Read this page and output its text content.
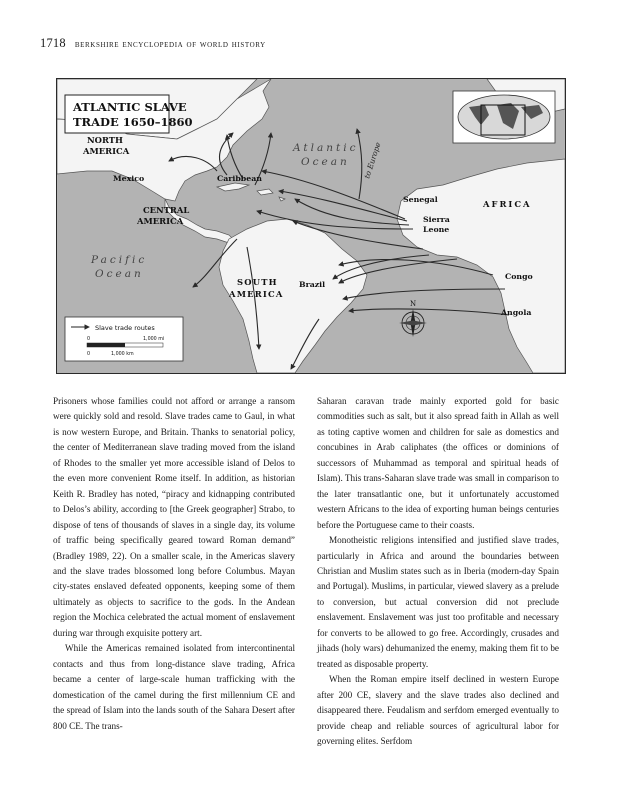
1718 berkshire encyclopedia of world history
ATLANTIC SLAVE
TRADE 1650–1860
Atlantic
Ocean
Pacific
Ocean
NORTH
AMERICA
CENTRAL
AMERICA
SOUTH
AMERICA
AFRICA
Mexico	Caribbean
Brazil
Senegal
Sierra
Leone
Congo
Angola
to Europe
N
Slave trade routes
0	1,000 mi
0	1,000 km

Prisoners whose families could not afford or arrange a ransom were quickly sold and resold. Slave trades came to Gaul, in what is now western Europe, and Britain. Thanks to senatorial policy, the center of Mediterranean slave trading moved from the island of Rhodes to the smaller yet more accessible island of Delos to the even more convenient Rome itself. In addition, as historian Keith R. Bradley has noted, “piracy and kidnapping contributed to Delos’s ability, according to [the Greek geographer] Strabo, to dispose of tens of thousands of slaves in a single day, its volume of traffic being specifically geared toward Roman demand” (Bradley 1989, 22). On a smaller scale, in the Americas slavery and the slave trades blossomed long before Columbus. Mayan city-states enslaved defeated opponents, keeping some of them ultimately as objects to sacrifice to the gods. In the Andean region the Mochica celebrated the actual moment of enslavement during war through exquisite pottery art.

While the Americas remained isolated from intercontinental contacts and thus from long-distance slave trading, Africa became a center of large-scale human trafficking with the domestication of the camel during the first millennium CE and the spread of Islam into the lands south of the Sahara Desert after 800 CE. The trans-

Saharan caravan trade mainly exported gold for basic commodities such as salt, but it also spread faith in Allah as well as toting captive women and children for sale as domestics and concubines in Arab caliphates (the offices or dominions of successors of Muhammad as temporal and spiritual heads of Islam). This trans-Saharan slave trade was small in comparison to the later transatlantic one, but it unfortunately accustomed western Africans to the idea of exporting human beings centuries before the Portuguese came to their coasts.

Monotheistic religions intensified and justified slave trades, particularly in Africa and around the boundaries between Christian and Muslim states such as in Iberia (modern-day Spain and Portugal). Muslims, in particular, viewed slavery as a prelude to conversion, but actual conversion did not preclude enslavement. Enslavement was just too profitable and necessary for converts to be allowed to go free. Accordingly, crusades and jihads (holy wars) dehumanized the enemy, making them fit to be treated as disposable property.

When the Roman empire itself declined in western Europe after 200 CE, slavery and the slave trades also declined and disappeared there. Feudalism and serfdom emerged eventually to provide cheap and reliable sources of agricultural labor for governing elites. Serfdom
